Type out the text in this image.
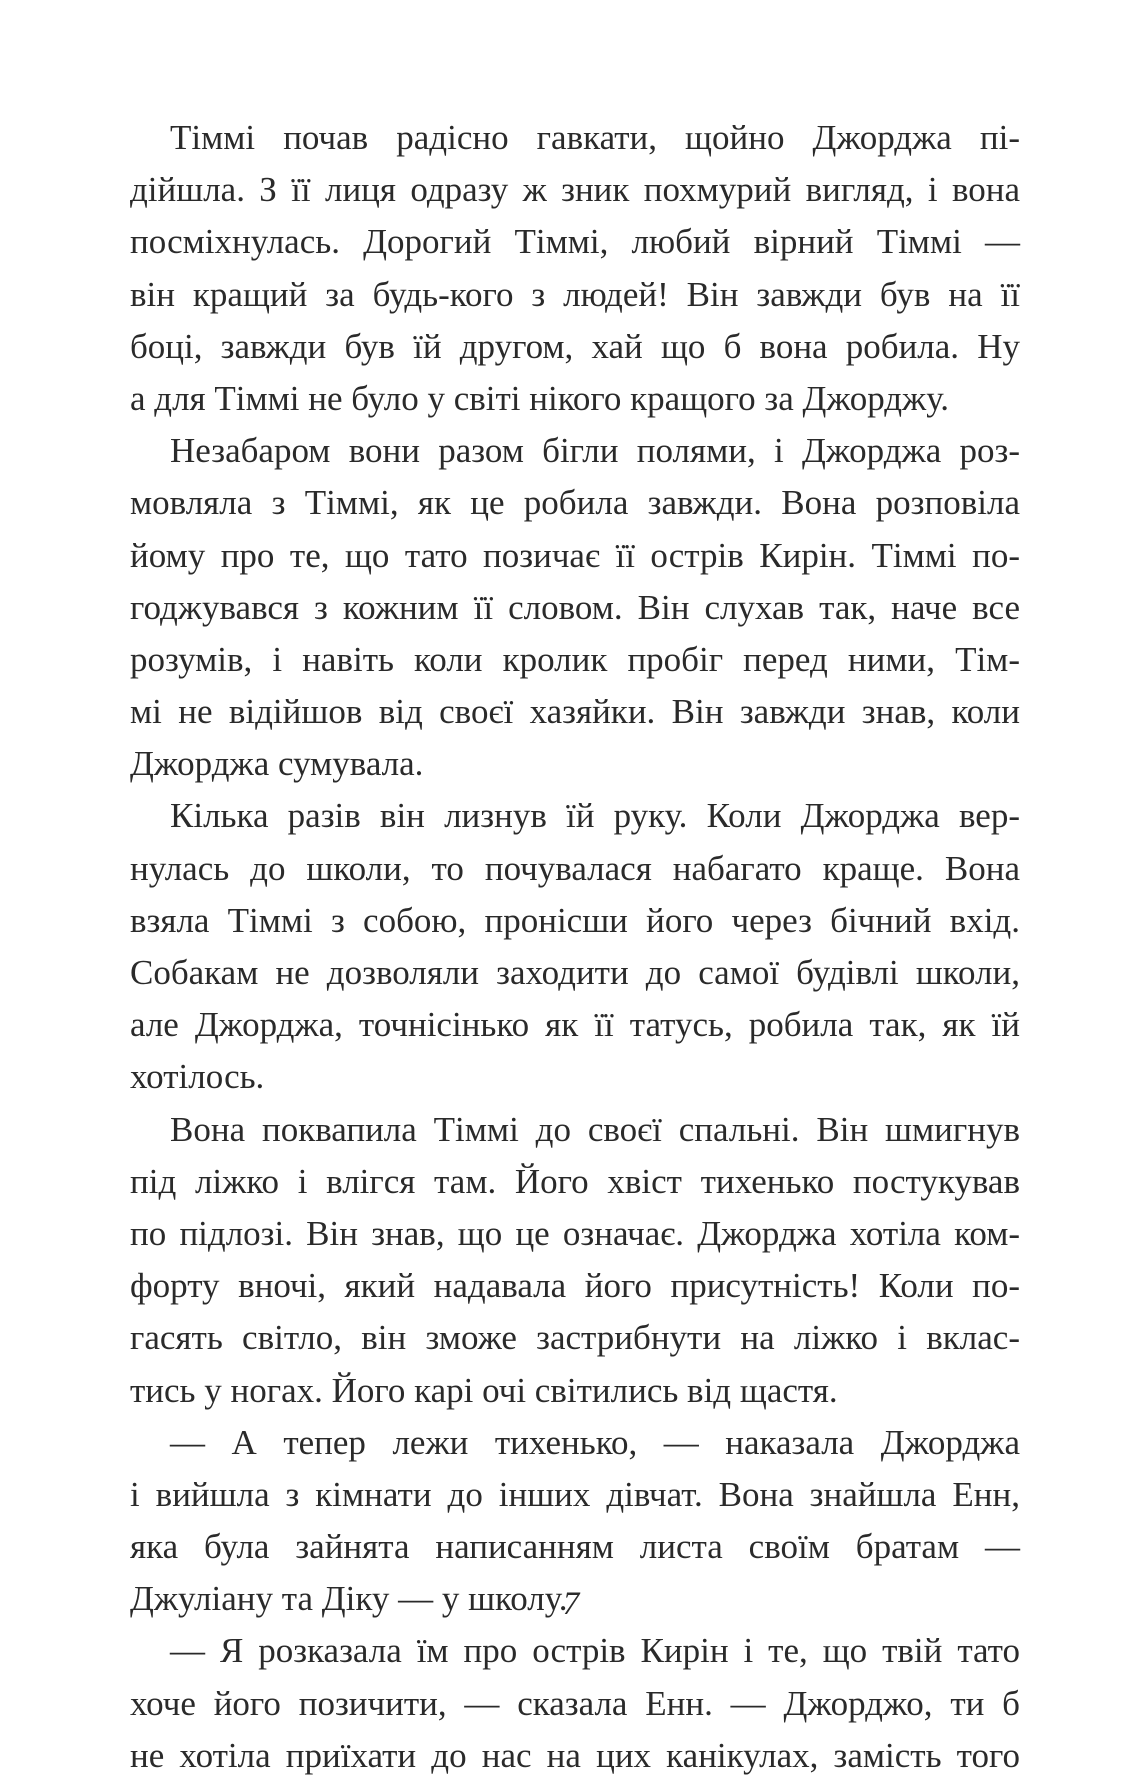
Тіммі почав радісно гавкати, щойно Джорджа пі-
дійшла. З її лиця одразу ж зник похмурий вигляд, і вона
посміхнулась. Дорогий Тіммі, любий вірний Тіммі —
він кращий за будь-кого з людей! Він завжди був на її
боці, завжди був їй другом, хай що б вона робила. Ну
а для Тіммі не було у світі нікого кращого за Джорджу.
Незабаром вони разом бігли полями, і Джорджа роз-
мовляла з Тіммі, як це робила завжди. Вона розповіла
йому про те, що тато позичає її острів Кирін. Тіммі по-
годжувався з кожним її словом. Він слухав так, наче все
розумів, і навіть коли кролик пробіг перед ними, Тім-
мі не відійшов від своєї хазяйки. Він завжди знав, коли
Джорджа сумувала.
Кілька разів він лизнув їй руку. Коли Джорджа вер-
нулась до школи, то почувалася набагато краще. Вона
взяла Тіммі з собою, пронісши його через бічний вхід.
Собакам не дозволяли заходити до самої будівлі школи,
але Джорджа, точнісінько як її татусь, робила так, як їй
хотілось.
Вона поквапила Тіммі до своєї спальні. Він шмигнув
під ліжко і влігся там. Його хвіст тихенько постукував
по підлозі. Він знав, що це означає. Джорджа хотіла ком-
форту вночі, який надавала його присутність! Коли по-
гасять світло, він зможе застрибнути на ліжко і вклас-
тись у ногах. Його карі очі світились від щастя.
— А тепер лежи тихенько, — наказала Джорджа
і вийшла з кімнати до інших дівчат. Вона знайшла Енн,
яка була зайнята написанням листа своїм братам —
Джуліану та Діку — у школу.
— Я розказала їм про острів Кирін і те, що твій тато
хоче його позичити, — сказала Енн. — Джорджо, ти б
не хотіла приїхати до нас на цих канікулах, замість того
7
